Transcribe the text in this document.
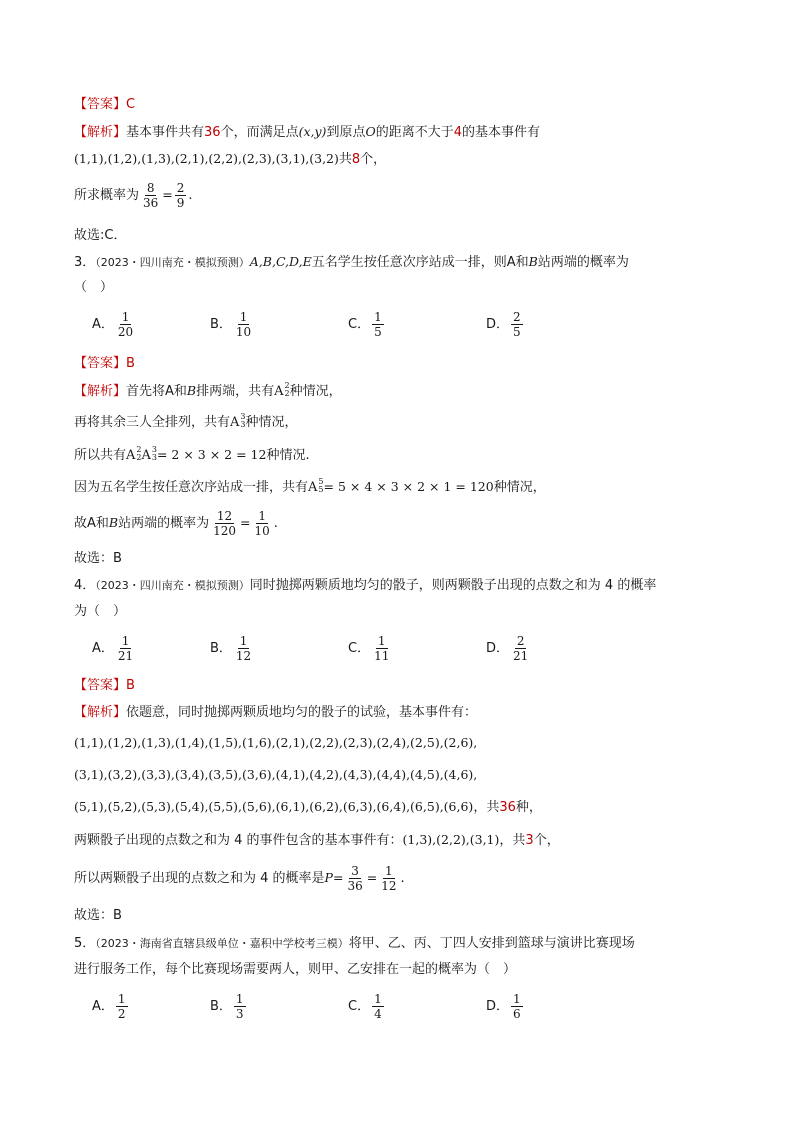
【答案】C
【解析】基本事件共有36个，而满足点(x,y)到原点O的距离不大于4的基本事件有
(1,1),(1,2),(1,3),(2,1),(2,2),(2,3),(3,1),(3,2)共8个，
所求概率为 $\frac{8}{36} = \frac{2}{9}$ .
故选:C．
3．（2023・四川南充・模拟预测）A,B,C,D,E五名学生按任意次序站成一排，则A和B站两端的概率为
（　）
A． $\frac{1}{20}$	B． $\frac{1}{10}$	C． $\frac{1}{5}$	D． $\frac{2}{5}$
【答案】B
【解析】首先将A和B排两端，共有A 2
2 种情况，
再将其余三人全排列，共有A 3
3 种情况，
所以共有A 2
2 A 3
3 = 2 × 3 × 2 = 12种情况.
因为五名学生按任意次序站成一排，共有A 5
5 = 5 × 4 × 3 × 2 × 1 = 120种情况，
故A和B站两端的概率为 $\frac{12}{120} = \frac{1}{10}$ .
故选：B
4．（2023・四川南充・模拟预测）同时抛掷两颗质地均匀的骰子，则两颗骰子出现的点数之和为 4 的概率
为（　）
A． $\frac{1}{21}$	B． $\frac{1}{12}$	C． $\frac{1}{11}$	D． $\frac{2}{21}$
【答案】B
【解析】依题意，同时抛掷两颗质地均匀的骰子的试验，基本事件有：
(1,1),(1,2),(1,3),(1,4),(1,5),(1,6),(2,1),(2,2),(2,3),(2,4),(2,5),(2,6),
(3,1),(3,2),(3,3),(3,4),(3,5),(3,6),(4,1),(4,2),(4,3),(4,4),(4,5),(4,6),
(5,1),(5,2),(5,3),(5,4),(5,5),(5,6),(6,1),(6,2),(6,3),(6,4),(6,5),(6,6)，共36种，
两颗骰子出现的点数之和为 4 的事件包含的基本事件有：(1,3),(2,2),(3,1)，共3个，
所以两颗骰子出现的点数之和为 4 的概率是$P= \frac{3}{36} = \frac{1}{12}$ .
故选：B
5．（2023・海南省直辖县级单位・嘉积中学校考三模）将甲、乙、丙、丁四人安排到篮球与演讲比赛现场
进行服务工作，每个比赛现场需要两人，则甲、乙安排在一起的概率为（　）
A． $\frac{1}{2}$	B． $\frac{1}{3}$	C． $\frac{1}{4}$	D． $\frac{1}{6}$
